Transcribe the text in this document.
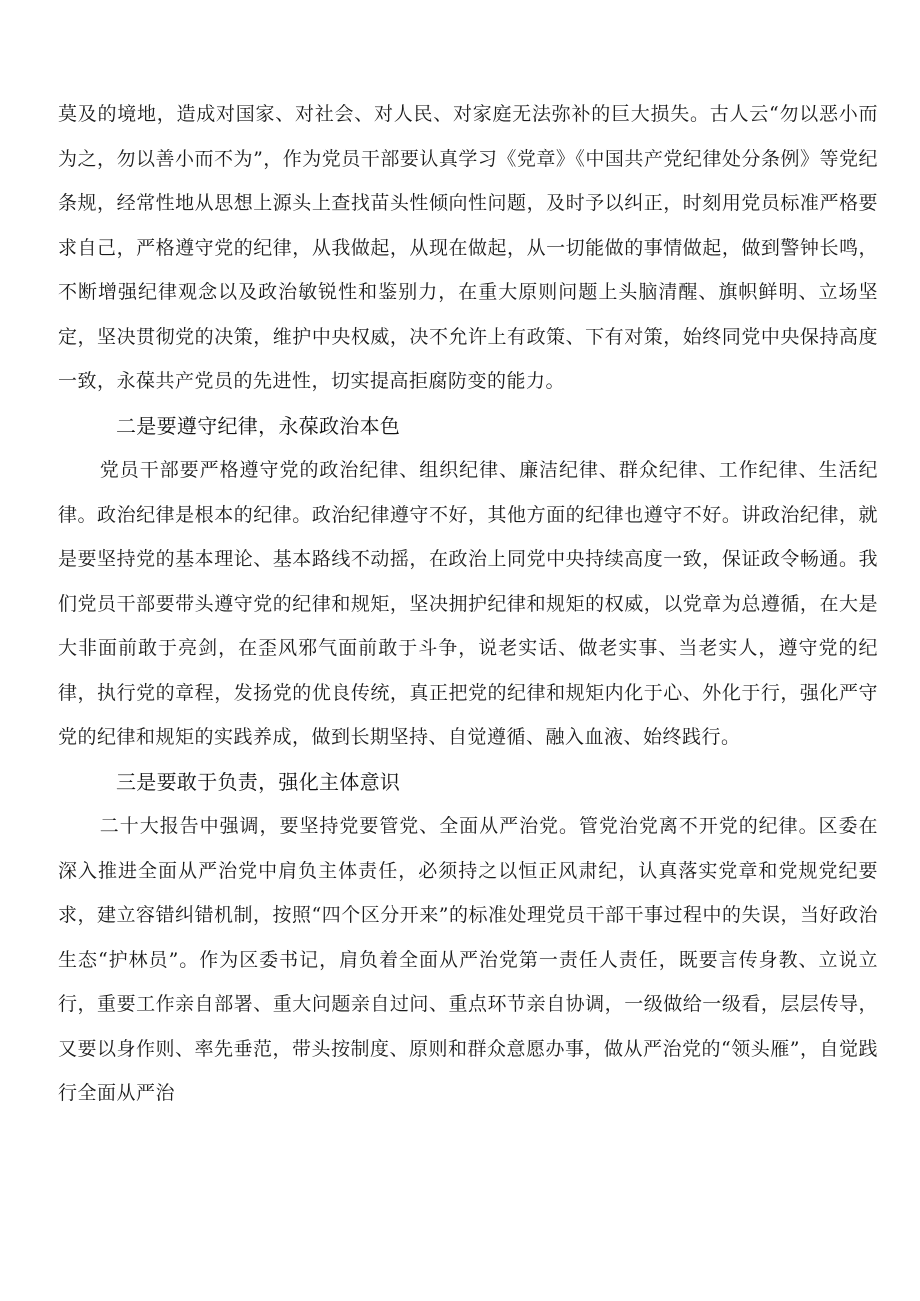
莫及的境地，造成对国家、对社会、对人民、对家庭无法弥补的巨大损失。古人云“勿以恶小而为之，勿以善小而不为”，作为党员干部要认真学习《党章》《中国共产党纪律处分条例》等党纪条规，经常性地从思想上源头上查找苗头性倾向性问题，及时予以纠正，时刻用党员标准严格要求自己，严格遵守党的纪律，从我做起，从现在做起，从一切能做的事情做起，做到警钟长鸣，不断增强纪律观念以及政治敏锐性和鉴别力，在重大原则问题上头脑清醒、旗帜鲜明、立场坚定，坚决贯彻党的决策，维护中央权威，决不允许上有政策、下有对策，始终同党中央保持高度一致，永葆共产党员的先进性，切实提高拒腐防变的能力。

二是要遵守纪律，永葆政治本色

党员干部要严格遵守党的政治纪律、组织纪律、廉洁纪律、群众纪律、工作纪律、生活纪律。政治纪律是根本的纪律。政治纪律遵守不好，其他方面的纪律也遵守不好。讲政治纪律，就是要坚持党的基本理论、基本路线不动摇，在政治上同党中央持续高度一致，保证政令畅通。我们党员干部要带头遵守党的纪律和规矩，坚决拥护纪律和规矩的权威，以党章为总遵循，在大是大非面前敢于亮剑，在歪风邪气面前敢于斗争，说老实话、做老实事、当老实人，遵守党的纪律，执行党的章程，发扬党的优良传统，真正把党的纪律和规矩内化于心、外化于行，强化严守党的纪律和规矩的实践养成，做到长期坚持、自觉遵循、融入血液、始终践行。

三是要敢于负责，强化主体意识

二十大报告中强调，要坚持党要管党、全面从严治党。管党治党离不开党的纪律。区委在深入推进全面从严治党中肩负主体责任，必须持之以恒正风肃纪，认真落实党章和党规党纪要求，建立容错纠错机制，按照“四个区分开来”的标准处理党员干部干事过程中的失误，当好政治生态“护林员”。作为区委书记，肩负着全面从严治党第一责任人责任，既要言传身教、立说立行，重要工作亲自部署、重大问题亲自过问、重点环节亲自协调，一级做给一级看，层层传导，又要以身作则、率先垂范，带头按制度、原则和群众意愿办事，做从严治党的“领头雁”，自觉践行全面从严治
